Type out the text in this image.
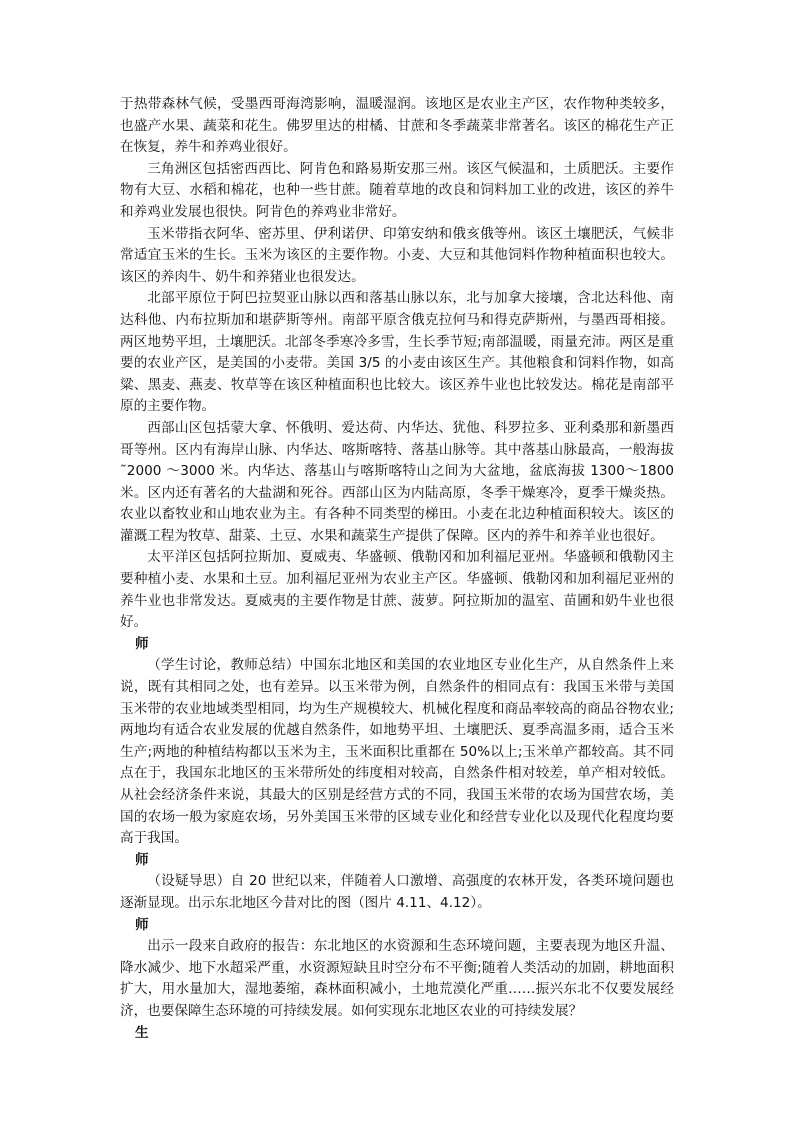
于热带森林气候，受墨西哥海湾影响，温暖湿润。该地区是农业主产区，农作物种类较多，也盛产水果、蔬菜和花生。佛罗里达的柑橘、甘蔗和冬季蔬菜非常著名。该区的棉花生产正在恢复，养牛和养鸡业很好。

三角洲区包括密西西比、阿肯色和路易斯安那三州。该区气候温和，土质肥沃。主要作物有大豆、水稻和棉花，也种一些甘蔗。随着草地的改良和饲料加工业的改进，该区的养牛和养鸡业发展也很快。阿肯色的养鸡业非常好。

玉米带指衣阿华、密苏里、伊利诺伊、印第安纳和俄亥俄等州。该区土壤肥沃，气候非常适宜玉米的生长。玉米为该区的主要作物。小麦、大豆和其他饲料作物种植面积也较大。该区的养肉牛、奶牛和养猪业也很发达。

北部平原位于阿巴拉契亚山脉以西和落基山脉以东，北与加拿大接壤，含北达科他、南达科他、内布拉斯加和堪萨斯等州。南部平原含俄克拉何马和得克萨斯州，与墨西哥相接。两区地势平坦，土壤肥沃。北部冬季寒冷多雪，生长季节短;南部温暖，雨量充沛。两区是重要的农业产区，是美国的小麦带。美国 3/5 的小麦由该区生产。其他粮食和饲料作物，如高粱、黑麦、燕麦、牧草等在该区种植面积也比较大。该区养牛业也比较发达。棉花是南部平原的主要作物。

西部山区包括蒙大拿、怀俄明、爱达荷、内华达、犹他、科罗拉多、亚利桑那和新墨西哥等州。区内有海岸山脉、内华达、喀斯喀特、落基山脉等。其中落基山脉最高，一般海拔˜2000 ～3000 米。内华达、落基山与喀斯喀特山之间为大盆地，盆底海拔 1300～1800 米。区内还有著名的大盐湖和死谷。西部山区为内陆高原，冬季干燥寒冷，夏季干燥炎热。农业以畜牧业和山地农业为主。有各种不同类型的梯田。小麦在北边种植面积较大。该区的灌溉工程为牧草、甜菜、土豆、水果和蔬菜生产提供了保障。区内的养牛和养羊业也很好。

太平洋区包括阿拉斯加、夏威夷、华盛顿、俄勒冈和加利福尼亚州。华盛顿和俄勒冈主要种植小麦、水果和土豆。加利福尼亚州为农业主产区。华盛顿、俄勒冈和加利福尼亚州的养牛业也非常发达。夏威夷的主要作物是甘蔗、菠萝。阿拉斯加的温室、苗圃和奶牛业也很好。

师

（学生讨论，教师总结）中国东北地区和美国的农业地区专业化生产，从自然条件上来说，既有其相同之处，也有差异。以玉米带为例，自然条件的相同点有：我国玉米带与美国玉米带的农业地域类型相同，均为生产规模较大、机械化程度和商品率较高的商品谷物农业;两地均有适合农业发展的优越自然条件，如地势平坦、土壤肥沃、夏季高温多雨，适合玉米生产;两地的种植结构都以玉米为主，玉米面积比重都在 50%以上;玉米单产都较高。其不同点在于，我国东北地区的玉米带所处的纬度相对较高，自然条件相对较差，单产相对较低。从社会经济条件来说，其最大的区别是经营方式的不同，我国玉米带的农场为国营农场，美国的农场一般为家庭农场，另外美国玉米带的区域专业化和经营专业化以及现代化程度均要高于我国。

师

（设疑导思）自 20 世纪以来，伴随着人口激增、高强度的农林开发，各类环境问题也逐渐显现。出示东北地区今昔对比的图（图片 4.11、4.12）。

师

出示一段来自政府的报告：东北地区的水资源和生态环境问题，主要表现为地区升温、降水减少、地下水超采严重，水资源短缺且时空分布不平衡;随着人类活动的加剧，耕地面积扩大，用水量加大，湿地萎缩，森林面积减小，土地荒漠化严重……振兴东北不仅要发展经济，也要保障生态环境的可持续发展。如何实现东北地区农业的可持续发展？

生
